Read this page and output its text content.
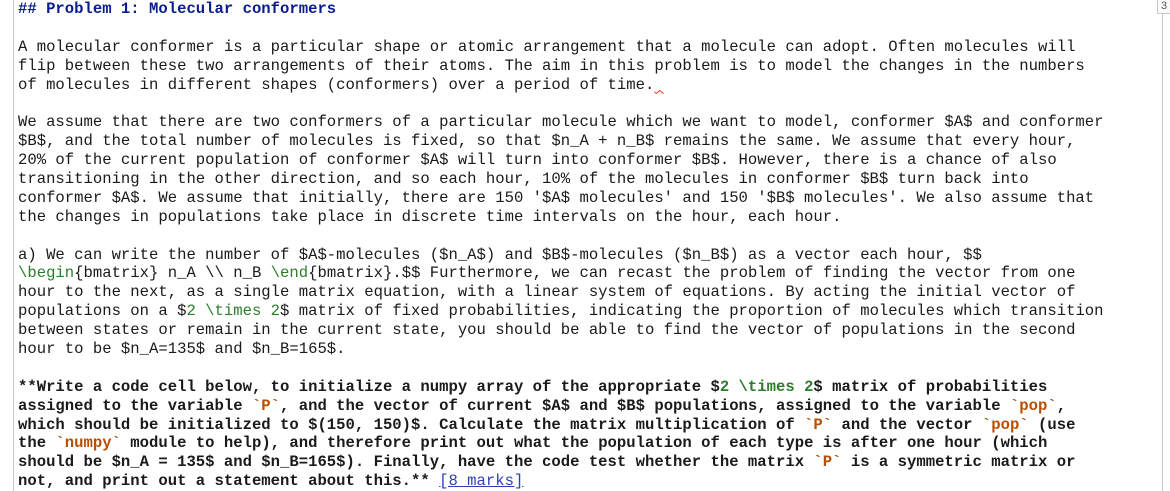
## Problem 1: Molecular conformers
A molecular conformer is a particular shape or atomic arrangement that a molecule can adopt. Often molecules will
flip between these two arrangements of their atoms. The aim in this problem is to model the changes in the numbers
of molecules in different shapes (conformers) over a period of time.
We assume that there are two conformers of a particular molecule which we want to model, conformer $A$ and conformer
$B$, and the total number of molecules is fixed, so that $n_A + n_B$ remains the same. We assume that every hour,
20% of the current population of conformer $A$ will turn into conformer $B$. However, there is a chance of also
transitioning in the other direction, and so each hour, 10% of the molecules in conformer $B$ turn back into
conformer $A$. We assume that initially, there are 150 '$A$ molecules' and 150 '$B$ molecules'. We also assume that
the changes in populations take place in discrete time intervals on the hour, each hour.
a) We can write the number of $A$-molecules ($n_A$) and $B$-molecules ($n_B$) as a vector each hour, $$
\begin{bmatrix} n_A \\ n_B \end{bmatrix}.$$ Furthermore, we can recast the problem of finding the vector from one
hour to the next, as a single matrix equation, with a linear system of equations. By acting the initial vector of
populations on a $2 \times 2$ matrix of fixed probabilities, indicating the proportion of molecules which transition
between states or remain in the current state, you should be able to find the vector of populations in the second
hour to be $n_A=135$ and $n_B=165$.
**Write a code cell below, to initialize a numpy array of the appropriate $2 \times 2$ matrix of probabilities
assigned to the variable `P`, and the vector of current $A$ and $B$ populations, assigned to the variable `pop`,
which should be initialized to $(150, 150)$. Calculate the matrix multiplication of `P` and the vector `pop` (use
the `numpy` module to help), and therefore print out what the population of each type is after one hour (which
should be $n_A = 135$ and $n_B=165$). Finally, have the code test whether the matrix `P` is a symmetric matrix or
not, and print out a statement about this.** [8 marks]
3
